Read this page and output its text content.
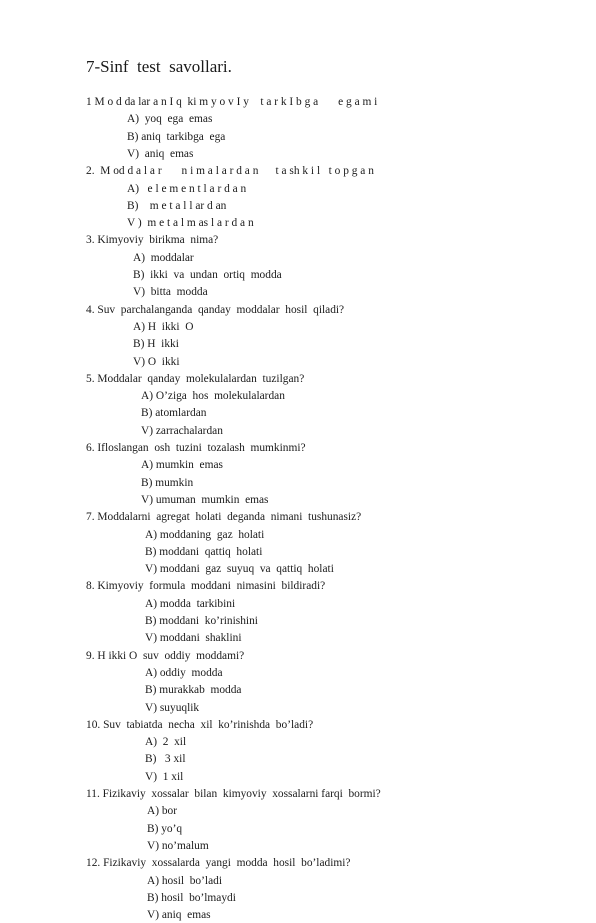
7-Sinf  test  savollari.
1 M o d da lar a n I q  ki m y o v I y    t a r k I b g a       e g a m i
A)  yoq  ega  emas
B) aniq  tarkibga  ega
V)  aniq  emas
2.  M od d a l a r       n i m a l a r d a n      t a sh k i l   t o p g a n
A)   e l e m e n t l a r d a n
B)    m e t a l l ar d an
V )  m e t a l m as l a r d a n
3. Kimyoviy  birikma  nima?
A)  moddalar
B)  ikki  va  undan  ortiq  modda
V)  bitta  modda
4. Suv  parchalanganda  qanday  moddalar  hosil  qiladi?
A) H  ikki  O
B) H  ikki
V) O  ikki
5. Moddalar  qanday  molekulalardan  tuzilgan?
A) O’ziga  hos  molekulalardan
B) atomlardan
V) zarrachalardan
6. Ifloslangan  osh  tuzini  tozalash  mumkinmi?
A) mumkin  emas
B) mumkin
V) umuman  mumkin  emas
7. Moddalarni  agregat  holati  deganda  nimani  tushunasiz?
A) moddaning  gaz  holati
B) moddani  qattiq  holati
V) moddani  gaz  suyuq  va  qattiq  holati
8. Kimyoviy  formula  moddani  nimasini  bildiradi?
A) modda  tarkibini
B) moddani  ko’rinishini
V) moddani  shaklini
9. H ikki O  suv  oddiy  moddami?
A) oddiy  modda
B) murakkab  modda
V) suyuqlik
10. Suv  tabiatda  necha  xil  ko’rinishda  bo’ladi?
A)  2  xil
B)   3 xil
V)  1 xil
11. Fizikaviy  xossalar  bilan  kimyoviy  xossalarni farqi  bormi?
A) bor
B) yo’q
V) no’malum
12. Fizikaviy  xossalarda  yangi  modda  hosil  bo’ladimi?
A) hosil  bo’ladi
B) hosil  bo’lmaydi
V) aniq  emas
